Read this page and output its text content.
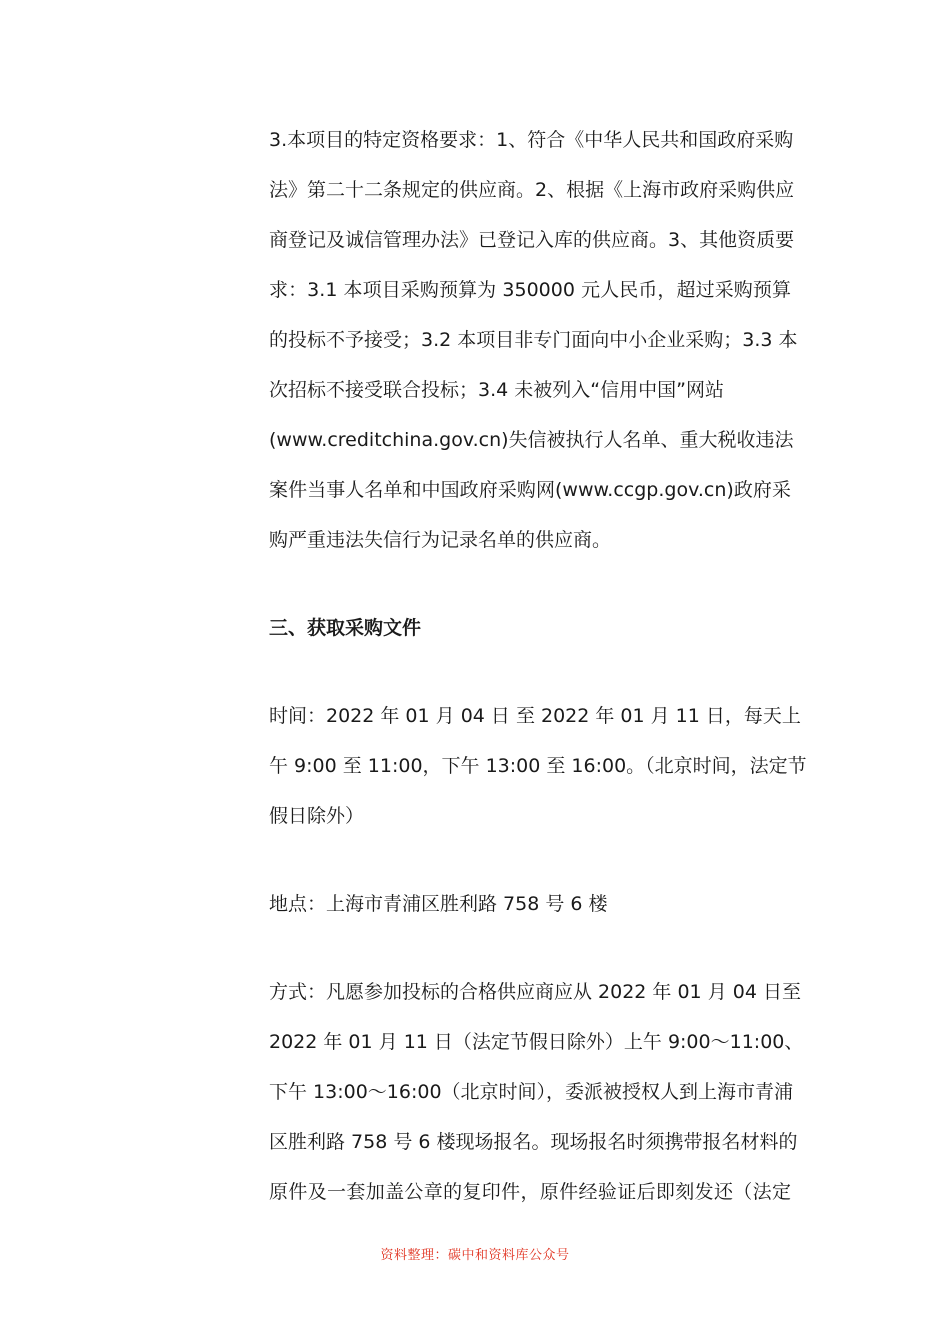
3.本项目的特定资格要求：1、符合《中华人民共和国政府采购
法》第二十二条规定的供应商。2、根据《上海市政府采购供应
商登记及诚信管理办法》已登记入库的供应商。3、其他资质要
求：3.1 本项目采购预算为 350000 元人民币，超过采购预算
的投标不予接受；3.2 本项目非专门面向中小企业采购；3.3 本
次招标不接受联合投标；3.4 未被列入“信用中国”网站
(www.creditchina.gov.cn)失信被执行人名单、重大税收违法
案件当事人名单和中国政府采购网(www.ccgp.gov.cn)政府采
购严重违法失信行为记录名单的供应商。

三、获取采购文件

时间：2022 年 01 月 04 日 至 2022 年 01 月 11 日，每天上
午 9:00 至 11:00，下午 13:00 至 16:00。（北京时间，法定节
假日除外）

地点：上海市青浦区胜利路 758 号 6 楼

方式：凡愿参加投标的合格供应商应从 2022 年 01 月 04 日至
2022 年 01 月 11 日（法定节假日除外）上午 9:00～11:00、
下午 13:00～16:00（北京时间），委派被授权人到上海市青浦
区胜利路 758 号 6 楼现场报名。现场报名时须携带报名材料的
原件及一套加盖公章的复印件，原件经验证后即刻发还（法定

资料整理：碳中和资料库公众号
